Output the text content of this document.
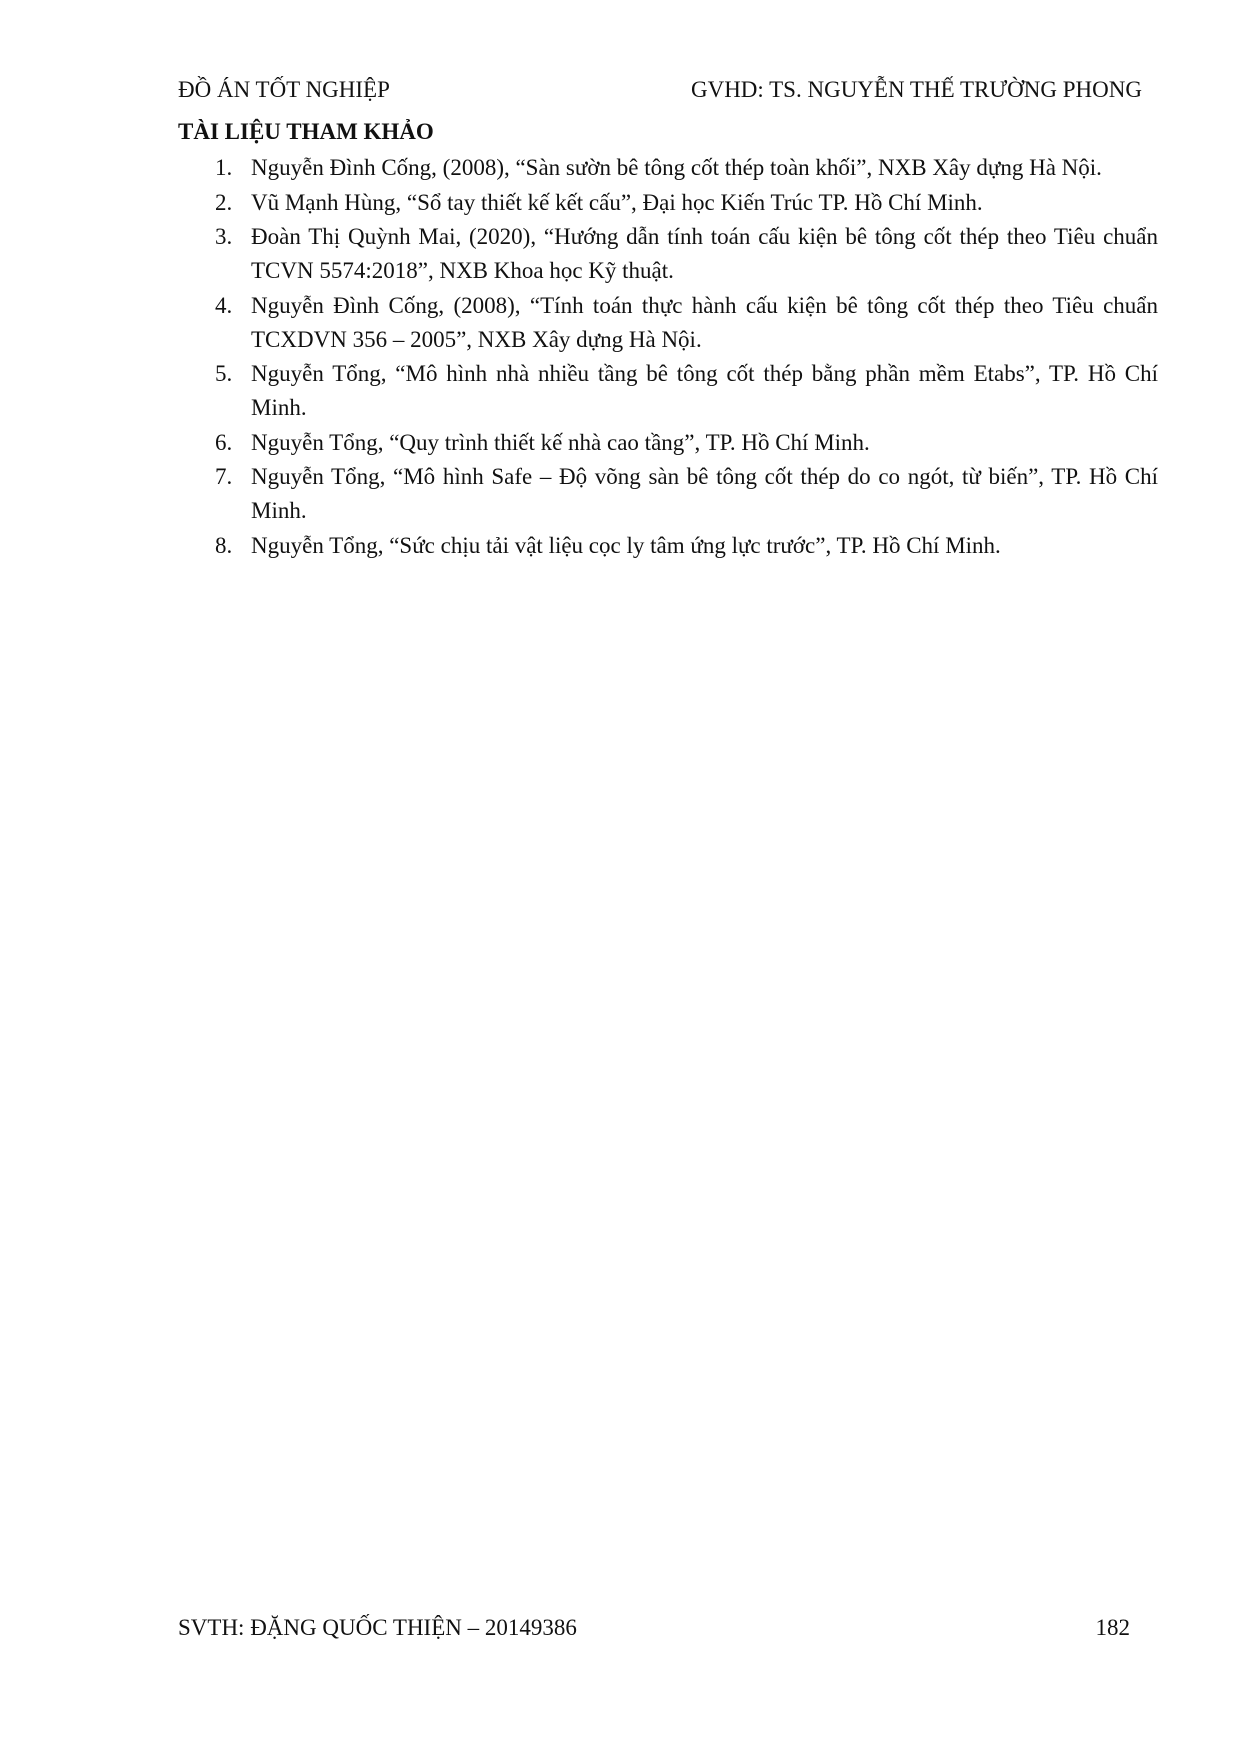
ĐỒ ÁN TỐT NGHIỆP	GVHD: TS. NGUYỄN THẾ TRƯỜNG PHONG
TÀI LIỆU THAM KHẢO
1. Nguyễn Đình Cống, (2008), “Sàn sườn bê tông cốt thép toàn khối”, NXB Xây dựng Hà Nội.
2. Vũ Mạnh Hùng, “Sổ tay thiết kế kết cấu”, Đại học Kiến Trúc TP. Hồ Chí Minh.
3. Đoàn Thị Quỳnh Mai, (2020), “Hướng dẫn tính toán cấu kiện bê tông cốt thép theo Tiêu chuẩn TCVN 5574:2018”, NXB Khoa học Kỹ thuật.
4. Nguyễn Đình Cống, (2008), “Tính toán thực hành cấu kiện bê tông cốt thép theo Tiêu chuẩn TCXDVN 356 – 2005”, NXB Xây dựng Hà Nội.
5. Nguyễn Tổng, “Mô hình nhà nhiều tầng bê tông cốt thép bằng phần mềm Etabs”, TP. Hồ Chí Minh.
6. Nguyễn Tổng, “Quy trình thiết kế nhà cao tầng”, TP. Hồ Chí Minh.
7. Nguyễn Tổng, “Mô hình Safe – Độ võng sàn bê tông cốt thép do co ngót, từ biến”, TP. Hồ Chí Minh.
8. Nguyễn Tổng, “Sức chịu tải vật liệu cọc ly tâm ứng lực trước”, TP. Hồ Chí Minh.
SVTH: ĐẶNG QUỐC THIỆN – 20149386	182
